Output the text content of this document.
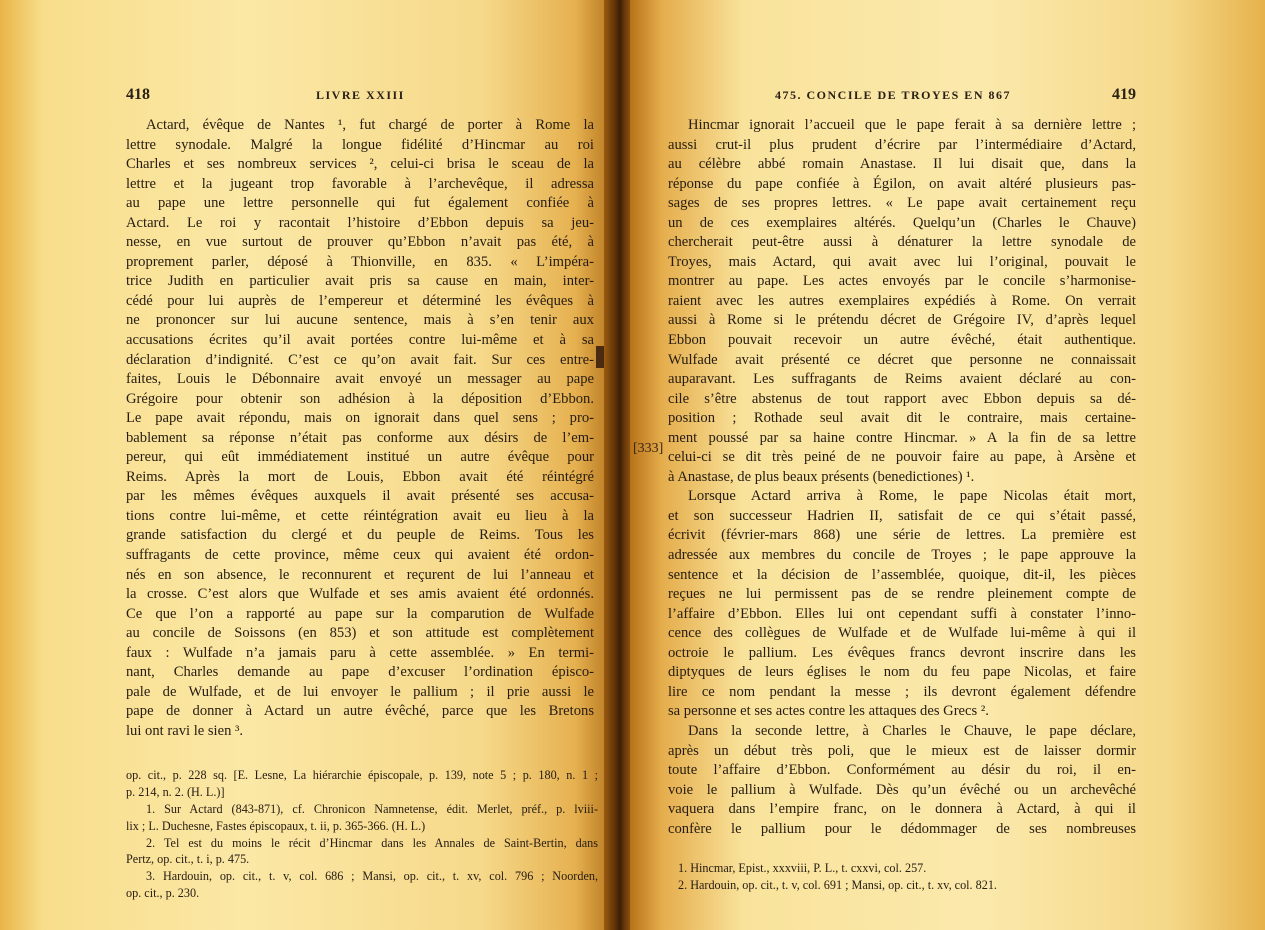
418	LIVRE XXIII
Actard, évêque de Nantes ¹, fut chargé de porter à Rome la
lettre synodale. Malgré la longue fidélité d’Hincmar au roi
Charles et ses nombreux services ², celui-ci brisa le sceau de la
lettre et la jugeant trop favorable à l’archevêque, il adressa
au pape une lettre personnelle qui fut également confiée à
Actard. Le roi y racontait l’histoire d’Ebbon depuis sa jeu-
nesse, en vue surtout de prouver qu’Ebbon n’avait pas été, à
proprement parler, déposé à Thionville, en 835. « L’impéra-
trice Judith en particulier avait pris sa cause en main, inter-
cédé pour lui auprès de l’empereur et déterminé les évêques à
ne prononcer sur lui aucune sentence, mais à s’en tenir aux
accusations écrites qu’il avait portées contre lui-même et à sa
déclaration d’indignité. C’est ce qu’on avait fait. Sur ces entre-
faites, Louis le Débonnaire avait envoyé un messager au pape
Grégoire pour obtenir son adhésion à la déposition d’Ebbon.
Le pape avait répondu, mais on ignorait dans quel sens ; pro-
bablement sa réponse n’était pas conforme aux désirs de l’em-
pereur, qui eût immédiatement institué un autre évêque pour
Reims. Après la mort de Louis, Ebbon avait été réintégré
par les mêmes évêques auxquels il avait présenté ses accusa-
tions contre lui-même, et cette réintégration avait eu lieu à la
grande satisfaction du clergé et du peuple de Reims. Tous les
suffragants de cette province, même ceux qui avaient été ordon-
nés en son absence, le reconnurent et reçurent de lui l’anneau et
la crosse. C’est alors que Wulfade et ses amis avaient été ordonnés.
Ce que l’on a rapporté au pape sur la comparution de Wulfade
au concile de Soissons (en 853) et son attitude est complètement
faux : Wulfade n’a jamais paru à cette assemblée. » En termi-
nant, Charles demande au pape d’excuser l’ordination épisco-
pale de Wulfade, et de lui envoyer le pallium ; il prie aussi le
pape de donner à Actard un autre évêché, parce que les Bretons
lui ont ravi le sien ³.
op. cit., p. 228 sq. [E. Lesne, La hiérarchie épiscopale, p. 139, note 5 ; p. 180, n. 1 ;
p. 214, n. 2. (H. L.)]
1. Sur Actard (843-871), cf. Chronicon Namnetense, édit. Merlet, préf., p. lviii-
lix ; L. Duchesne, Fastes épiscopaux, t. ii, p. 365-366. (H. L.)
2. Tel est du moins le récit d’Hincmar dans les Annales de Saint-Bertin, dans
Pertz, op. cit., t. i, p. 475.
3. Hardouin, op. cit., t. v, col. 686 ; Mansi, op. cit., t. xv, col. 796 ; Noorden,
op. cit., p. 230.
475. CONCILE DE TROYES EN 867	419
Hincmar ignorait l’accueil que le pape ferait à sa dernière lettre ;
aussi crut-il plus prudent d’écrire par l’intermédiaire d’Actard,
au célèbre abbé romain Anastase. Il lui disait que, dans la
réponse du pape confiée à Égilon, on avait altéré plusieurs pas-
sages de ses propres lettres. « Le pape avait certainement reçu
un de ces exemplaires altérés. Quelqu’un (Charles le Chauve)
chercherait peut-être aussi à dénaturer la lettre synodale de
Troyes, mais Actard, qui avait avec lui l’original, pouvait le
montrer au pape. Les actes envoyés par le concile s’harmonise-
raient avec les autres exemplaires expédiés à Rome. On verrait
aussi à Rome si le prétendu décret de Grégoire IV, d’après lequel
Ebbon pouvait recevoir un autre évêché, était authentique.
Wulfade avait présenté ce décret que personne ne connaissait
auparavant. Les suffragants de Reims avaient déclaré au con-
cile s’être abstenus de tout rapport avec Ebbon depuis sa dé-
position ; Rothade seul avait dit le contraire, mais certaine-
ment poussé par sa haine contre Hincmar. » A la fin de sa lettre
celui-ci se dit très peiné de ne pouvoir faire au pape, à Arsène et
à Anastase, de plus beaux présents (benedictiones) ¹.
Lorsque Actard arriva à Rome, le pape Nicolas était mort,
et son successeur Hadrien II, satisfait de ce qui s’était passé,
écrivit (février-mars 868) une série de lettres. La première est
adressée aux membres du concile de Troyes ; le pape approuve la
sentence et la décision de l’assemblée, quoique, dit-il, les pièces
reçues ne lui permissent pas de se rendre pleinement compte de
l’affaire d’Ebbon. Elles lui ont cependant suffi à constater l’inno-
cence des collègues de Wulfade et de Wulfade lui-même à qui il
octroie le pallium. Les évêques francs devront inscrire dans les
diptyques de leurs églises le nom du feu pape Nicolas, et faire
lire ce nom pendant la messe ; ils devront également défendre
sa personne et ses actes contre les attaques des Grecs ².
Dans la seconde lettre, à Charles le Chauve, le pape déclare,
après un début très poli, que le mieux est de laisser dormir
toute l’affaire d’Ebbon. Conformément au désir du roi, il en-
voie le pallium à Wulfade. Dès qu’un évêché ou un archevêché
vaquera dans l’empire franc, on le donnera à Actard, à qui il
confère le pallium pour le dédommager de ses nombreuses
1. Hincmar, Epist., xxxviii, P. L., t. cxxvi, col. 257.
2. Hardouin, op. cit., t. v, col. 691 ; Mansi, op. cit., t. xv, col. 821.
[333]
